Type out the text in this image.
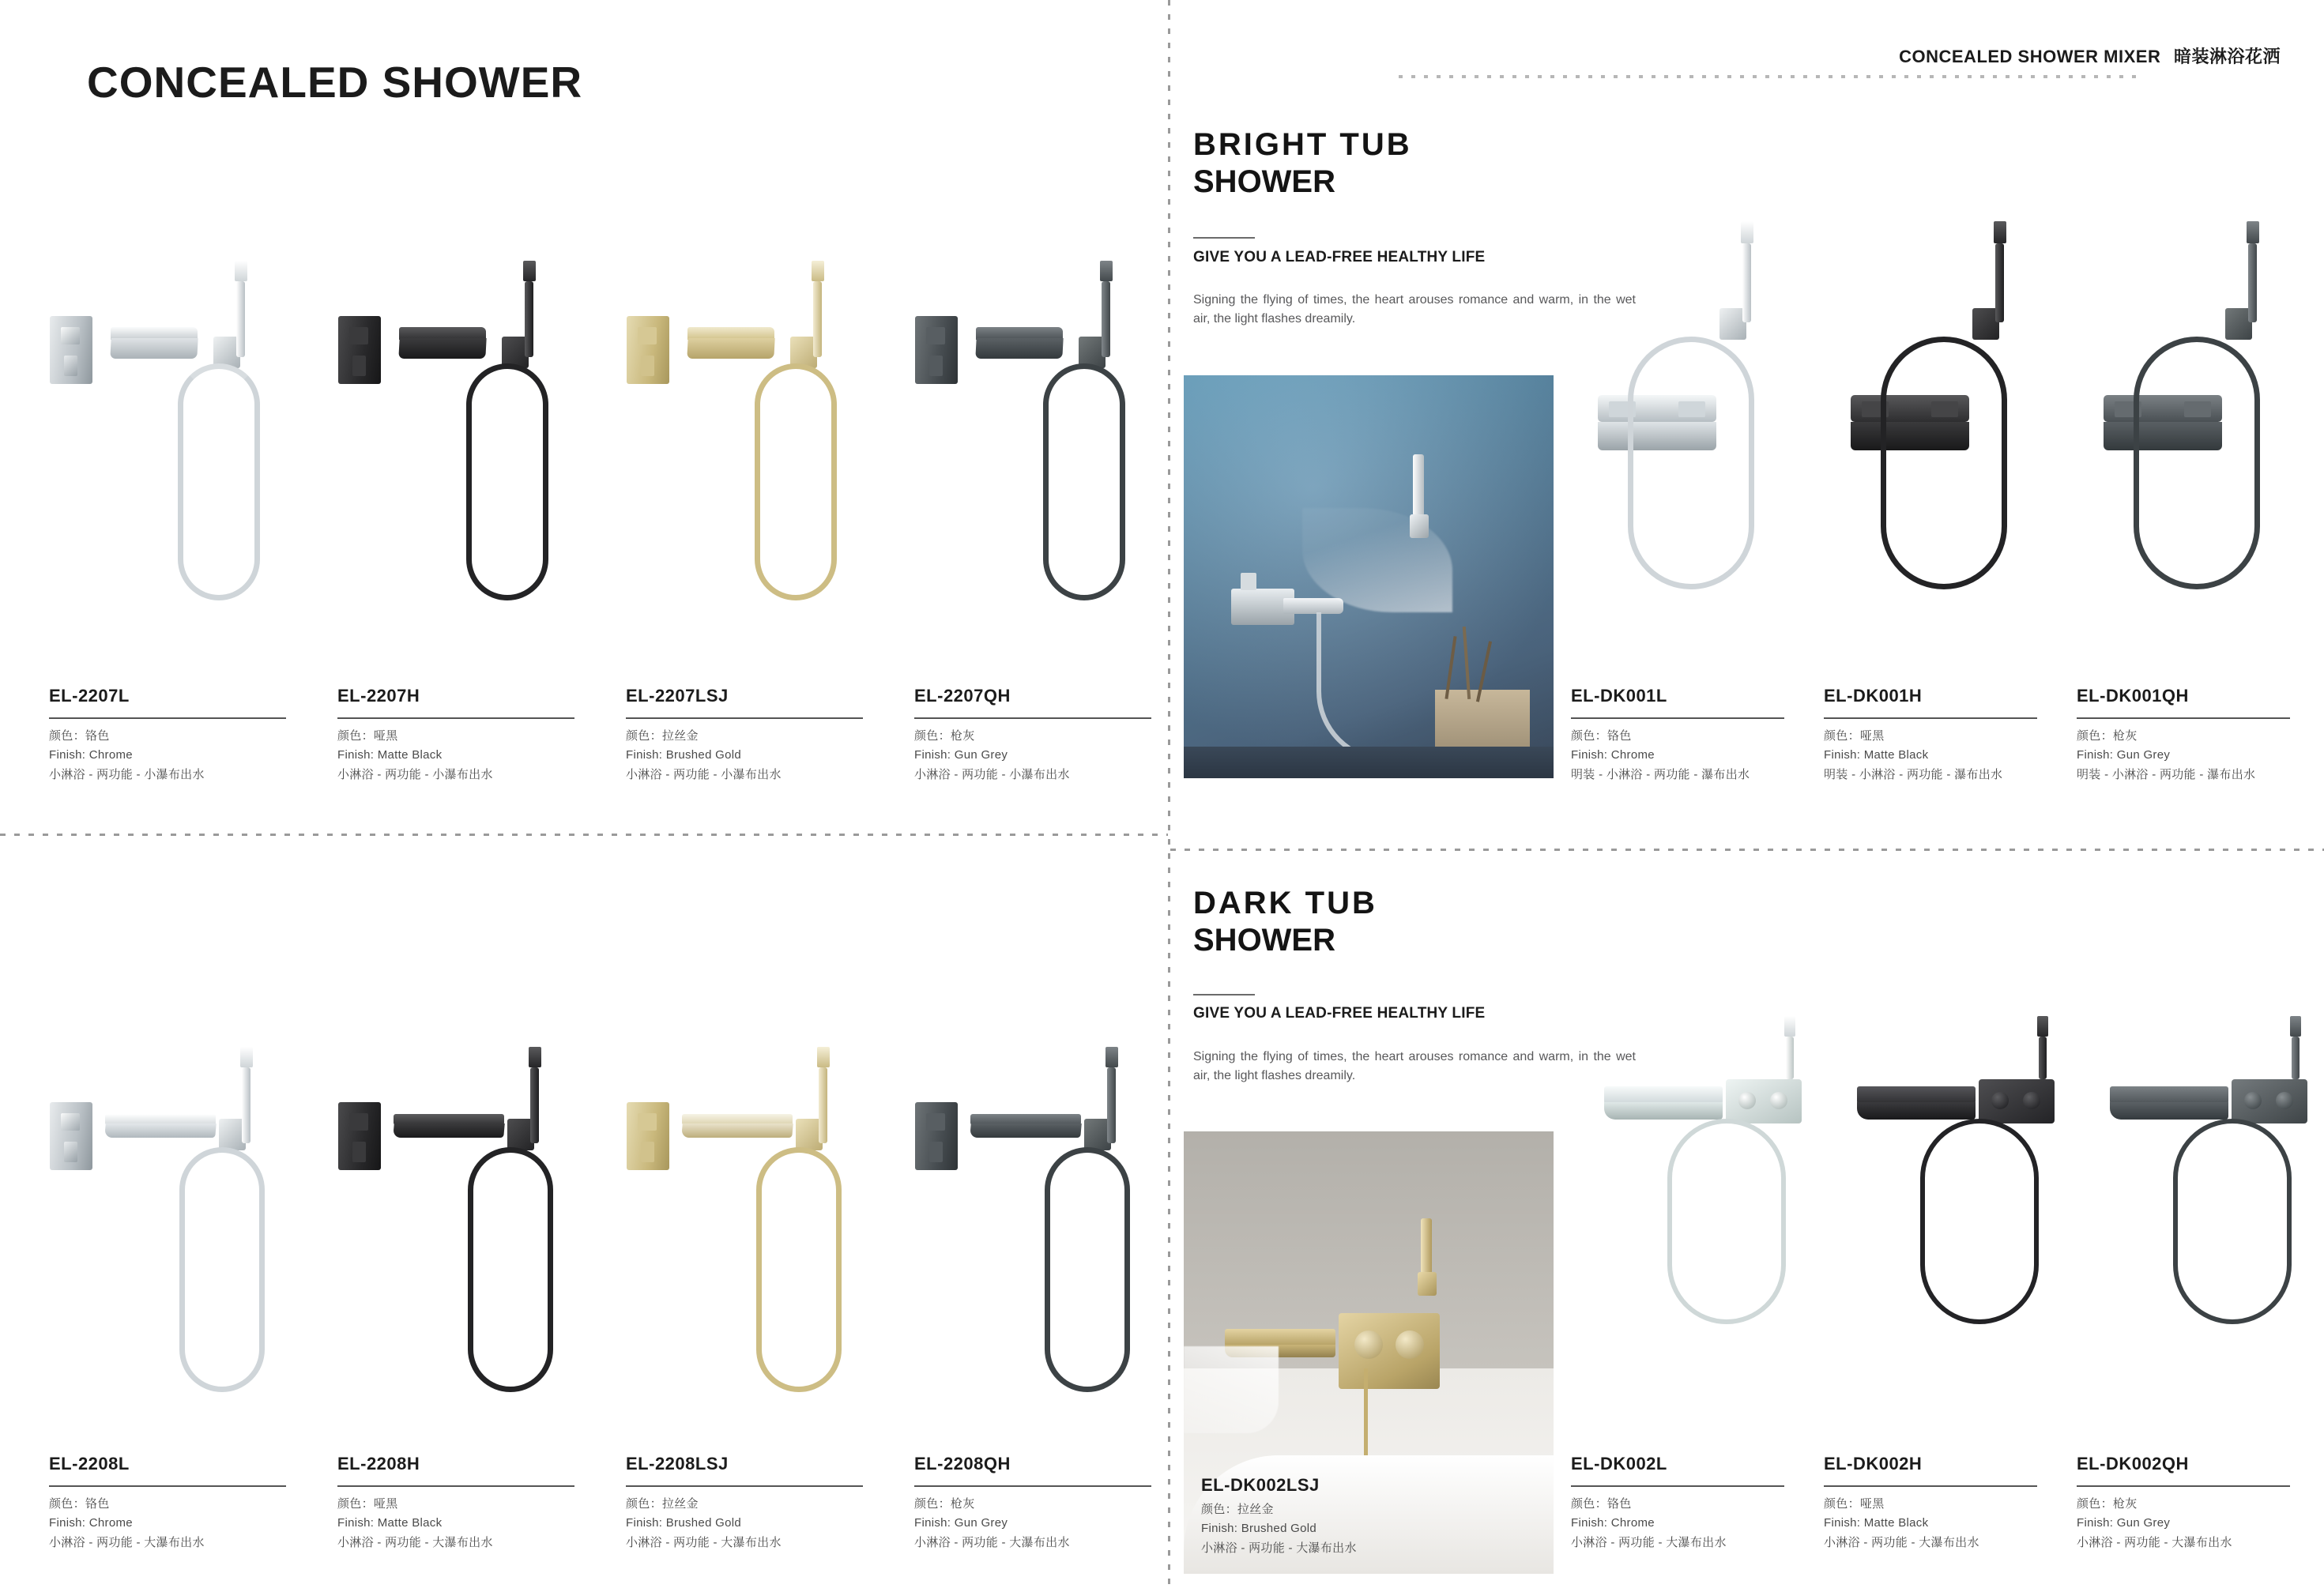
CONCEALED SHOWER
EL-2207L
颜色：铬色
Finish: Chrome
小淋浴 - 两功能 - 小瀑布出水
EL-2207H
颜色：哑黑
Finish: Matte Black
小淋浴 - 两功能 - 小瀑布出水
EL-2207LSJ
颜色：拉丝金
Finish: Brushed Gold
小淋浴 - 两功能 - 小瀑布出水
EL-2207QH
颜色：枪灰
Finish: Gun Grey
小淋浴 - 两功能 - 小瀑布出水
EL-2208L
颜色：铬色
Finish: Chrome
小淋浴 - 两功能 - 大瀑布出水
EL-2208H
颜色：哑黑
Finish: Matte Black
小淋浴 - 两功能 - 大瀑布出水
EL-2208LSJ
颜色：拉丝金
Finish: Brushed Gold
小淋浴 - 两功能 - 大瀑布出水
EL-2208QH
颜色：枪灰
Finish: Gun Grey
小淋浴 - 两功能 - 大瀑布出水
CONCEALED SHOWER MIXER 暗装淋浴花洒
BRIGHT TUB
SHOWER
GIVE YOU A LEAD-FREE HEALTHY LIFE
Signing the flying of times, the heart arouses romance and warm, in the wet air, the light flashes dreamily.
EL-DK001L
颜色：铬色
Finish: Chrome
明装 - 小淋浴 - 两功能 - 瀑布出水
EL-DK001H
颜色：哑黑
Finish: Matte Black
明装 - 小淋浴 - 两功能 - 瀑布出水
EL-DK001QH
颜色：枪灰
Finish: Gun Grey
明装 - 小淋浴 - 两功能 - 瀑布出水
DARK TUB
SHOWER
GIVE YOU A LEAD-FREE HEALTHY LIFE
Signing the flying of times, the heart arouses romance and warm, in the wet air, the light flashes dreamily.
EL-DK002LSJ
颜色：拉丝金
Finish: Brushed Gold
小淋浴 - 两功能 - 大瀑布出水
EL-DK002L
颜色：铬色
Finish: Chrome
小淋浴 - 两功能 - 大瀑布出水
EL-DK002H
颜色：哑黑
Finish: Matte Black
小淋浴 - 两功能 - 大瀑布出水
EL-DK002QH
颜色：枪灰
Finish: Gun Grey
小淋浴 - 两功能 - 大瀑布出水
